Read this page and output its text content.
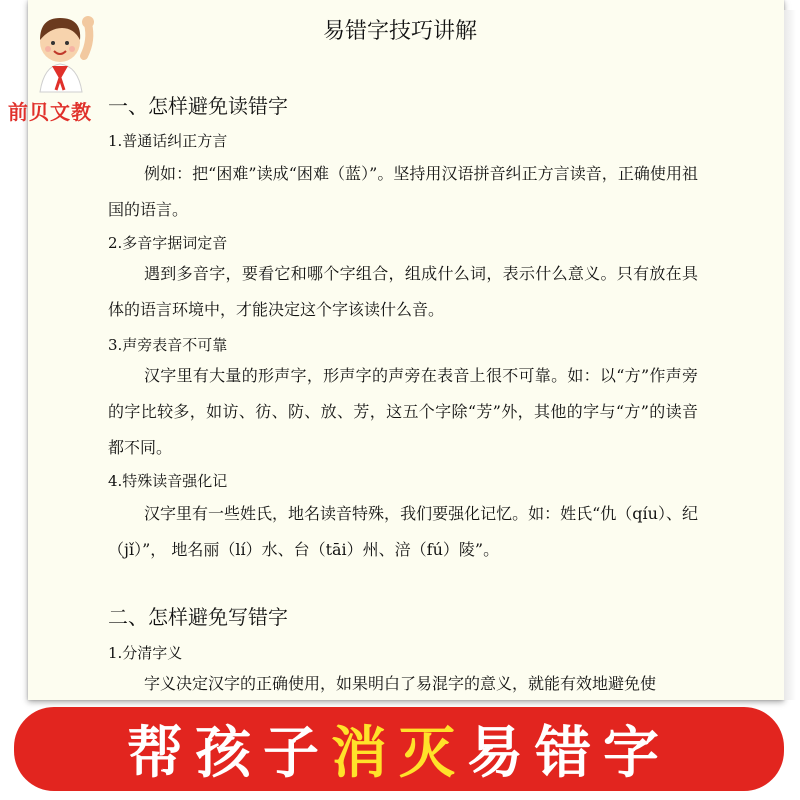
前贝文教
易错字技巧讲解
一、怎样避免读错字
1.普通话纠正方言
例如：把“困难”读成“困难（蓝）”。坚持用汉语拼音纠正方言读音，正确使用祖国的语言。
2.多音字据词定音
遇到多音字，要看它和哪个字组合，组成什么词，表示什么意义。只有放在具体的语言环境中，才能决定这个字该读什么音。
3.声旁表音不可靠
汉字里有大量的形声字，形声字的声旁在表音上很不可靠。如：以“方”作声旁的字比较多，如访、彷、防、放、芳，这五个字除“芳”外，其他的字与“方”的读音都不同。
4.特殊读音强化记
汉字里有一些姓氏，地名读音特殊，我们要强化记忆。如：姓氏“仇（qíu）、纪（jǐ）”， 地名丽（lí）水、台（tāi）州、涪（fú）陵”。
二、怎样避免写错字
1.分清字义
字义决定汉字的正确使用，如果明白了易混字的意义，就能有效地避免使
帮孩子 消灭 易错字
